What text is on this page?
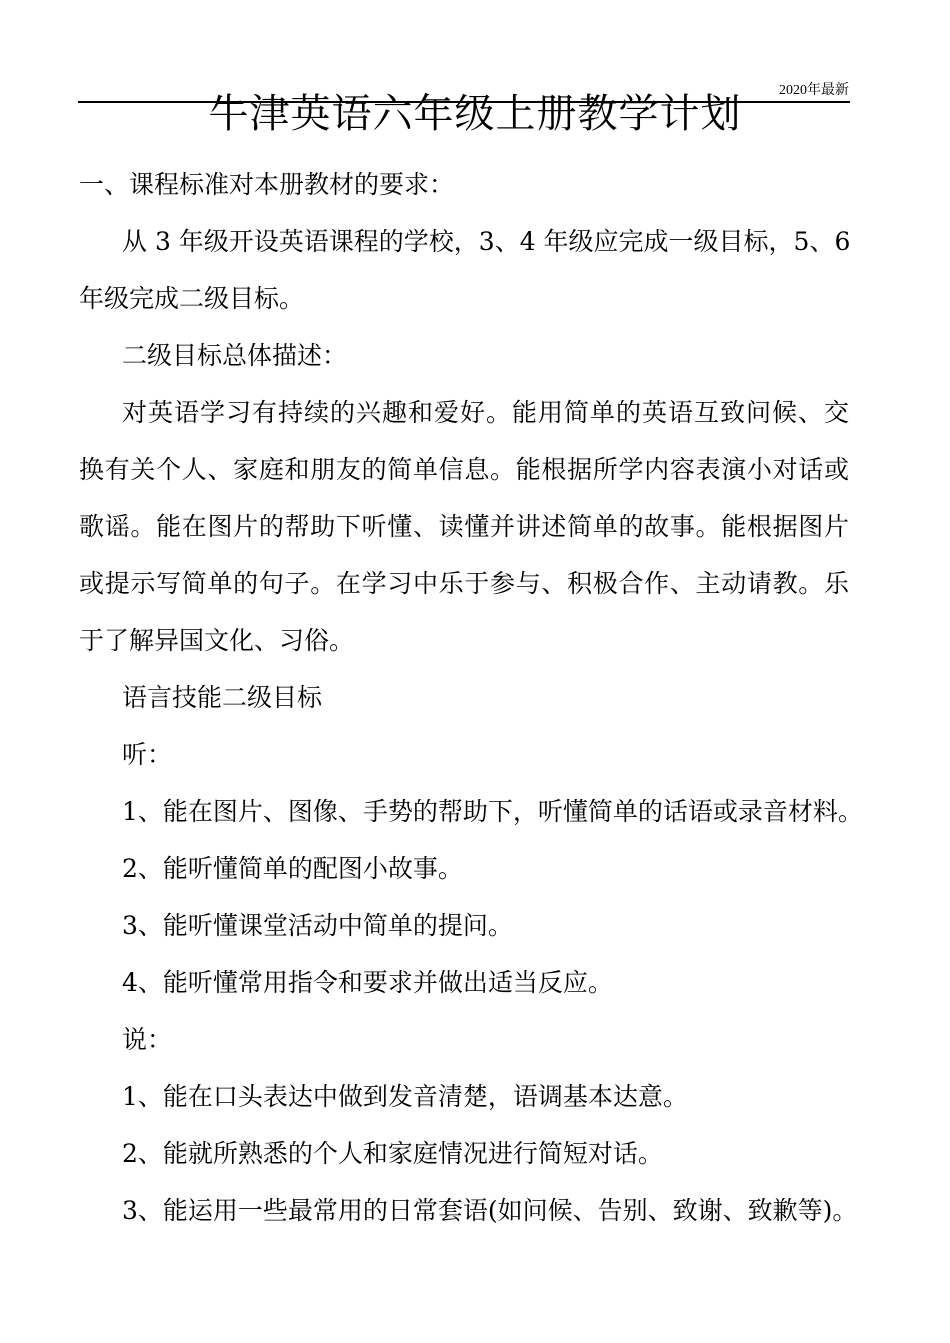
2020年最新
牛津英语六年级上册教学计划

一、课程标准对本册教材的要求：

从 3 年级开设英语课程的学校，3、4 年级应完成一级目标，5、6

年级完成二级目标。

二级目标总体描述：

对英语学习有持续的兴趣和爱好。能用简单的英语互致问候、交

换有关个人、家庭和朋友的简单信息。能根据所学内容表演小对话或

歌谣。能在图片的帮助下听懂、读懂并讲述简单的故事。能根据图片

或提示写简单的句子。在学习中乐于参与、积极合作、主动请教。乐

于了解异国文化、习俗。

语言技能二级目标

听：

1、能在图片、图像、手势的帮助下，听懂简单的话语或录音材料。

2、能听懂简单的配图小故事。

3、能听懂课堂活动中简单的提问。

4、能听懂常用指令和要求并做出适当反应。

说：

1、能在口头表达中做到发音清楚，语调基本达意。

2、能就所熟悉的个人和家庭情况进行简短对话。

3、能运用一些最常用的日常套语(如问候、告别、致谢、致歉等)。
